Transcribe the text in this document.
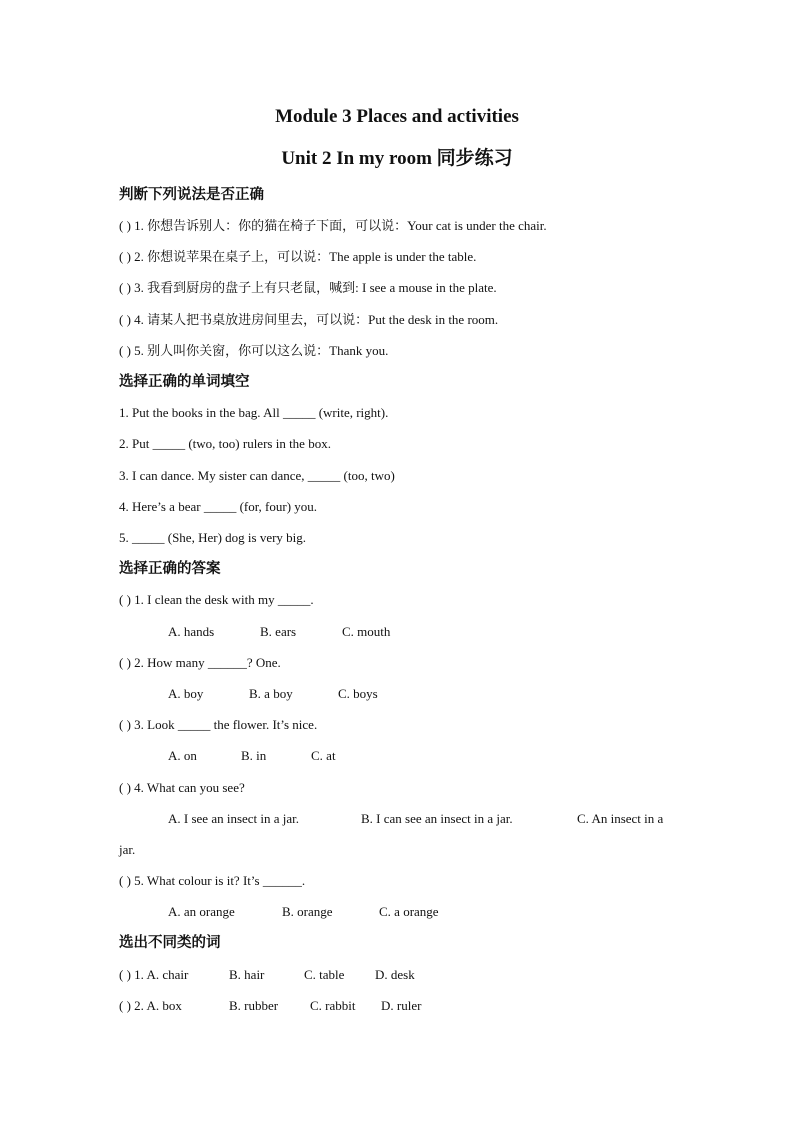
Module 3 Places and activities
Unit 2 In my room 同步练习

判断下列说法是否正确

( ) 1. 你想告诉别人：你的猫在椅子下面，可以说：Your cat is under the chair.

( ) 2. 你想说苹果在桌子上，可以说：The apple is under the table.

( ) 3. 我看到厨房的盘子上有只老鼠，喊到: I see a mouse in the plate.

( ) 4. 请某人把书桌放进房间里去，可以说：Put the desk in the room.

( ) 5. 别人叫你关窗，你可以这么说：Thank you.

选择正确的单词填空

1. Put the books in the bag. All _____ (write, right).

2. Put _____ (two, too) rulers in the box.

3. I can dance. My sister can dance, _____ (too, two)

4. Here’s a bear _____ (for, four) you.

5. _____ (She, Her) dog is very big.

选择正确的答案

( ) 1. I clean the desk with my _____.

A. hands	B. ears	C. mouth

( ) 2. How many ______? One.

A. boy	B. a boy	C. boys

( ) 3. Look _____ the flower. It’s nice.

A. on	B. in	C. at

( ) 4. What can you see?

A. I see an insect in a jar.	B. I can see an insect in a jar.	C. An insect in a

jar.

( ) 5. What colour is it? It’s ______.

A. an orange	B. orange	C. a orange

选出不同类的词

( ) 1. A. chair	B. hair	C. table D. desk
( ) 2. A. box	B. rubber C. rabbit D. ruler
